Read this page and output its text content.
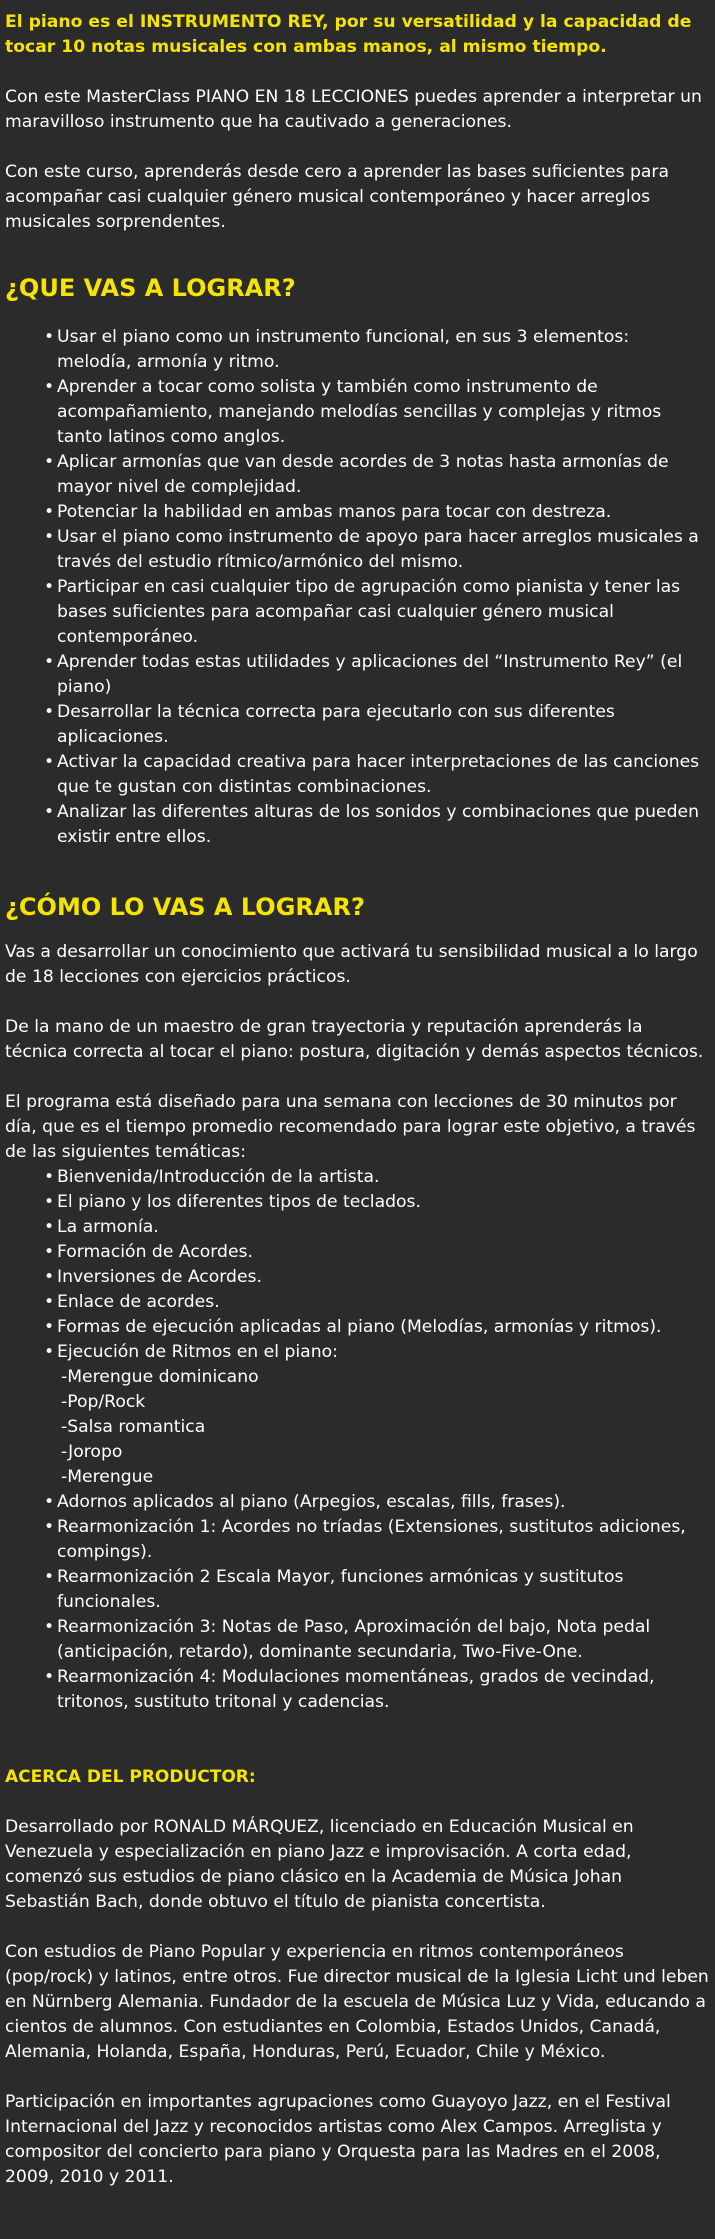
El piano es el INSTRUMENTO REY, por su versatilidad y la capacidad de tocar 10 notas musicales con ambas manos, al mismo tiempo.

Con este MasterClass PIANO EN 18 LECCIONES puedes aprender a interpretar un maravilloso instrumento que ha cautivado a generaciones.

Con este curso, aprenderás desde cero a aprender las bases suficientes para acompañar casi cualquier género musical contemporáneo y hacer arreglos musicales sorprendentes.

¿QUE VAS A LOGRAR?
• Usar el piano como un instrumento funcional, en sus 3 elementos: melodía, armonía y ritmo.
• Aprender a tocar como solista y también como instrumento de acompañamiento, manejando melodías sencillas y complejas y ritmos tanto latinos como anglos.
• Aplicar armonías que van desde acordes de 3 notas hasta armonías de mayor nivel de complejidad.
• Potenciar la habilidad en ambas manos para tocar con destreza.
• Usar el piano como instrumento de apoyo para hacer arreglos musicales a través del estudio rítmico/armónico del mismo.
• Participar en casi cualquier tipo de agrupación como pianista y tener las bases suficientes para acompañar casi cualquier género musical contemporáneo.
• Aprender todas estas utilidades y aplicaciones del “Instrumento Rey” (el piano)
• Desarrollar la técnica correcta para ejecutarlo con sus diferentes aplicaciones.
• Activar la capacidad creativa para hacer interpretaciones de las canciones que te gustan con distintas combinaciones.
• Analizar las diferentes alturas de los sonidos y combinaciones que pueden existir entre ellos.
¿CÓMO LO VAS A LOGRAR?

Vas a desarrollar un conocimiento que activará tu sensibilidad musical a lo largo de 18 lecciones con ejercicios prácticos.

De la mano de un maestro de gran trayectoria y reputación aprenderás la técnica correcta al tocar el piano: postura, digitación y demás aspectos técnicos.

El programa está diseñado para una semana con lecciones de 30 minutos por día, que es el tiempo promedio recomendado para lograr este objetivo, a través de las siguientes temáticas:

• Bienvenida/Introducción de la artista.
• El piano y los diferentes tipos de teclados.
• La armonía.
• Formación de Acordes.
• Inversiones de Acordes.
• Enlace de acordes.
• Formas de ejecución aplicadas al piano (Melodías, armonías y ritmos).
• Ejecución de Ritmos en el piano:

-Merengue dominicano

-Pop/Rock

-Salsa romantica

-Joropo

-Merengue

• Adornos aplicados al piano (Arpegios, escalas, fills, frases).
• Rearmonización 1: Acordes no tríadas (Extensiones, sustitutos adiciones, compings).
• Rearmonización 2 Escala Mayor, funciones armónicas y sustitutos funcionales.
• Rearmonización 3: Notas de Paso, Aproximación del bajo, Nota pedal (anticipación, retardo), dominante secundaria, Two-Five-One.
• Rearmonización 4: Modulaciones momentáneas, grados de vecindad, tritonos, sustituto tritonal y cadencias.
ACERCA DEL PRODUCTOR:

Desarrollado por RONALD MÁRQUEZ, licenciado en Educación Musical en Venezuela y especialización en piano Jazz e improvisación. A corta edad, comenzó sus estudios de piano clásico en la Academia de Música Johan Sebastián Bach, donde obtuvo el título de pianista concertista.

Con estudios de Piano Popular y experiencia en ritmos contemporáneos (pop/rock) y latinos, entre otros. Fue director musical de la Iglesia Licht und leben en Nürnberg Alemania. Fundador de la escuela de Música Luz y Vida, educando a cientos de alumnos. Con estudiantes en Colombia, Estados Unidos, Canadá, Alemania, Holanda, España, Honduras, Perú, Ecuador, Chile y México.

Participación en importantes agrupaciones como Guayoyo Jazz, en el Festival Internacional del Jazz y reconocidos artistas como Alex Campos. Arreglista y compositor del concierto para piano y Orquesta para las Madres en el 2008, 2009, 2010 y 2011.
